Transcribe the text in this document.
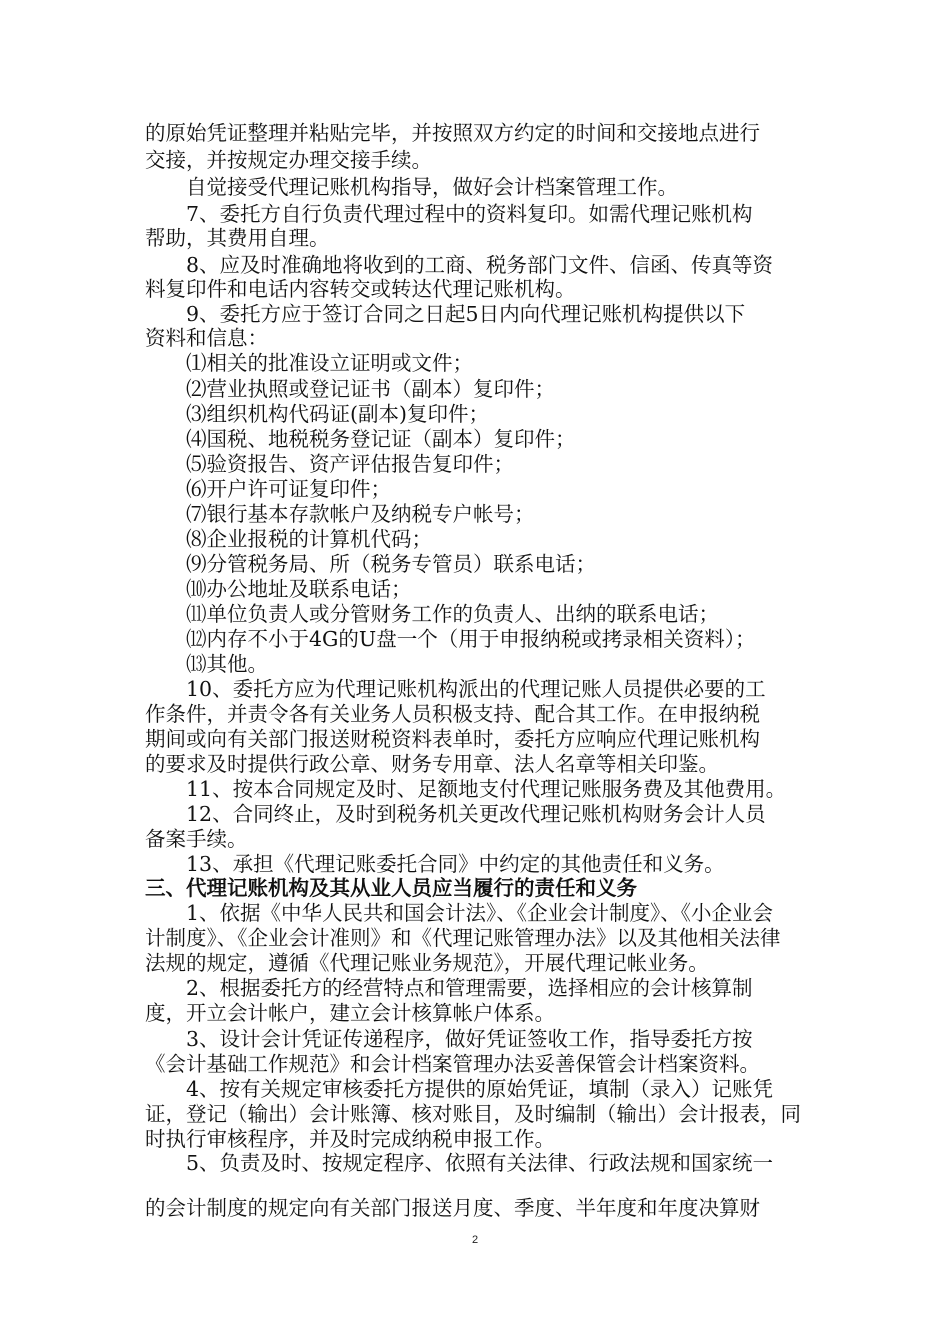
的原始凭证整理并粘贴完毕，并按照双方约定的时间和交接地点进行
交接，并按规定办理交接手续。
自觉接受代理记账机构指导，做好会计档案管理工作。
7、委托方自行负责代理过程中的资料复印。如需代理记账机构
帮助，其费用自理。
8、应及时准确地将收到的工商、税务部门文件、信函、传真等资
料复印件和电话内容转交或转达代理记账机构。
9、委托方应于签订合同之日起5日内向代理记账机构提供以下
资料和信息：
⑴相关的批准设立证明或文件；
⑵营业执照或登记证书（副本）复印件；
⑶组织机构代码证(副本)复印件；
⑷国税、地税税务登记证（副本）复印件；
⑸验资报告、资产评估报告复印件；
⑹开户许可证复印件；
⑺银行基本存款帐户及纳税专户帐号；
⑻企业报税的计算机代码；
⑼分管税务局、所（税务专管员）联系电话；
⑽办公地址及联系电话；
⑾单位负责人或分管财务工作的负责人、出纳的联系电话；
⑿内存不小于4G的U盘一个（用于申报纳税或拷录相关资料）；
⒀其他。
10、委托方应为代理记账机构派出的代理记账人员提供必要的工
作条件，并责令各有关业务人员积极支持、配合其工作。在申报纳税
期间或向有关部门报送财税资料表单时，委托方应响应代理记账机构
的要求及时提供行政公章、财务专用章、法人名章等相关印鉴。
11、按本合同规定及时、足额地支付代理记账服务费及其他费用。
12、合同终止，及时到税务机关更改代理记账机构财务会计人员
备案手续。
13、承担《代理记账委托合同》中约定的其他责任和义务。
三、代理记账机构及其从业人员应当履行的责任和义务
1、依据《中华人民共和国会计法》、《企业会计制度》、《小企业会
计制度》、《企业会计准则》和《代理记账管理办法》以及其他相关法律
法规的规定，遵循《代理记账业务规范》，开展代理记帐业务。
2、根据委托方的经营特点和管理需要，选择相应的会计核算制
度，开立会计帐户，建立会计核算帐户体系。
3、设计会计凭证传递程序，做好凭证签收工作，指导委托方按
《会计基础工作规范》和会计档案管理办法妥善保管会计档案资料。
4、按有关规定审核委托方提供的原始凭证，填制（录入）记账凭
证，登记（输出）会计账簿、核对账目，及时编制（输出）会计报表，同
时执行审核程序，并及时完成纳税申报工作。
5、负责及时、按规定程序、依照有关法律、行政法规和国家统一
的会计制度的规定向有关部门报送月度、季度、半年度和年度决算财
2
